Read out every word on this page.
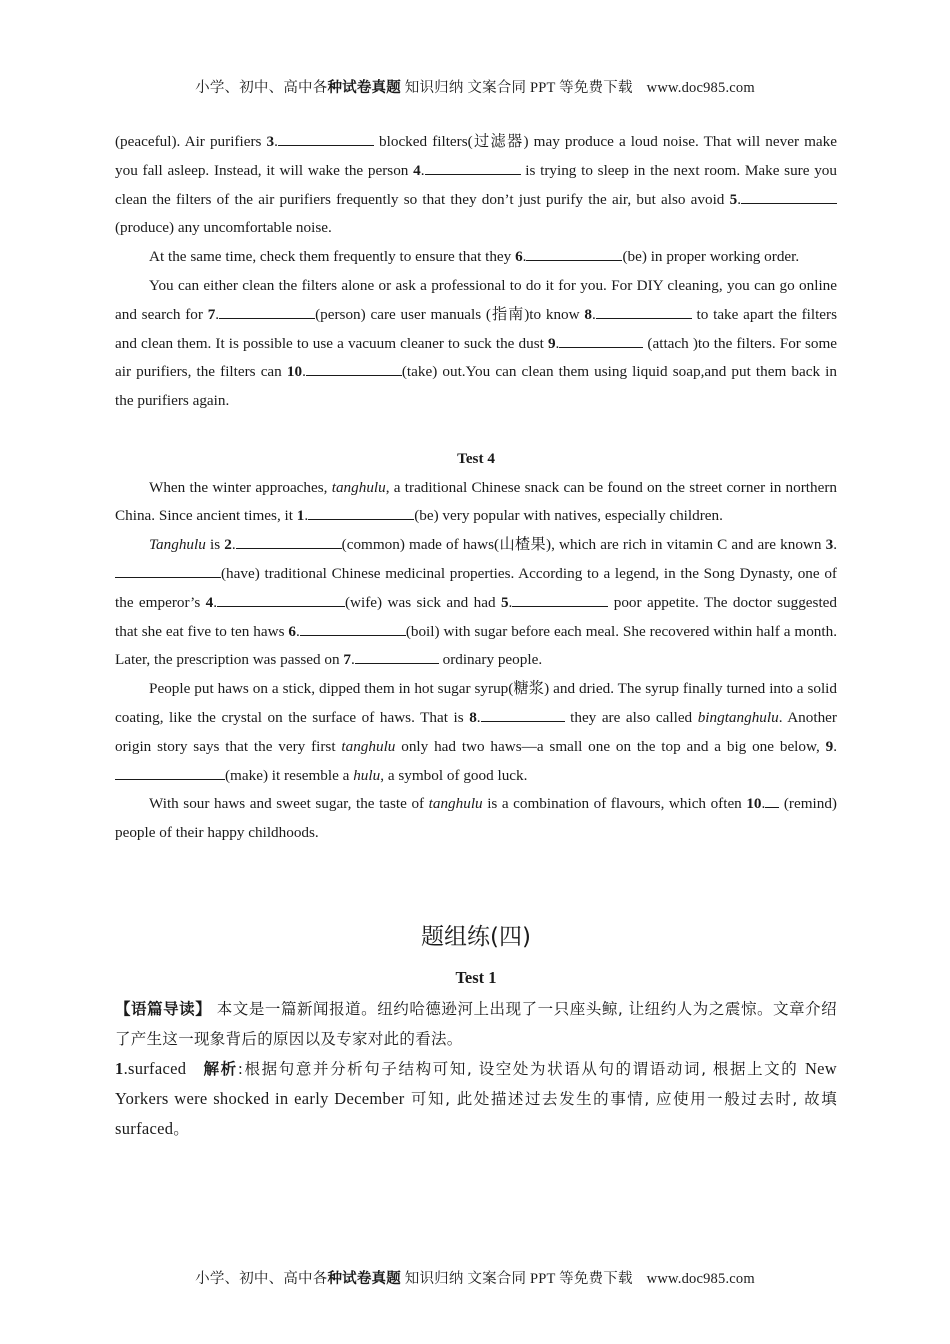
小学、初中、高中各种试卷真题 知识归纳 文案合同 PPT 等免费下载 www.doc985.com

(peaceful). Air purifiers 3.	blocked filters(过滤器) may produce a loud noise. That will never make you fall asleep. Instead, it will wake the person 4.	is trying to sleep in the next room. Make sure you clean the filters of the air purifiers frequently so that they don’t just purify the air, but also avoid 5.(produce) any uncomfortable noise.

At the same time, check them frequently to ensure that they 6.	(be) in proper working order.

You can either clean the filters alone or ask a professional to do it for you. For DIY cleaning, you can go online and search for 7.	(person) care user manuals (指南)to know 8.	to take apart the filters and clean them. It is possible to use a vacuum cleaner to suck the dust 9.	(attach )to the filters. For some air purifiers, the filters can 10.	(take) out.You can clean them using liquid soap,and put them back in the purifiers again.

Test 4

When the winter approaches, tanghulu, a traditional Chinese snack can be found on the street corner in northern China. Since ancient times, it 1.	(be) very popular with natives, especially children.

Tanghulu is 2.	(common) made of haws(山楂果), which are rich in vitamin C and are known 3.(have) traditional Chinese medicinal properties. According to a legend, in the Song Dynasty, one of the emperor’s 4.	(wife) was sick and had 5.	poor appetite. The doctor suggested that she eat five to ten haws 6.	(boil) with sugar before each meal. She recovered within half a month. Later, the prescription was passed on 7.	ordinary people.

People put haws on a stick, dipped them in hot sugar syrup(糖浆) and dried. The syrup finally turned into a solid coating, like the crystal on the surface of haws. That is 8.	they are also called bingtanghulu. Another origin story says that the very first tanghulu only had two haws—a small one on the top and a big one below, 9.(make) it resemble a hulu, a symbol of good luck.

With sour haws and sweet sugar, the taste of tanghulu is a combination of flavours, which often 10. (remind) people of their happy childhoods.

题组练(四)

Test 1

【语篇导读】 本文是一篇新闻报道。纽约哈德逊河上出现了一只座头鲸, 让纽约人为之震惊。文章介绍了产生这一现象背后的原因以及专家对此的看法。

1.surfaced 解析:根据句意并分析句子结构可知, 设空处为状语从句的谓语动词, 根据上文的 New Yorkers were shocked in early December 可知, 此处描述过去发生的事情, 应使用一般过去时, 故填 surfaced。

小学、初中、高中各种试卷真题 知识归纳 文案合同 PPT 等免费下载 www.doc985.com
